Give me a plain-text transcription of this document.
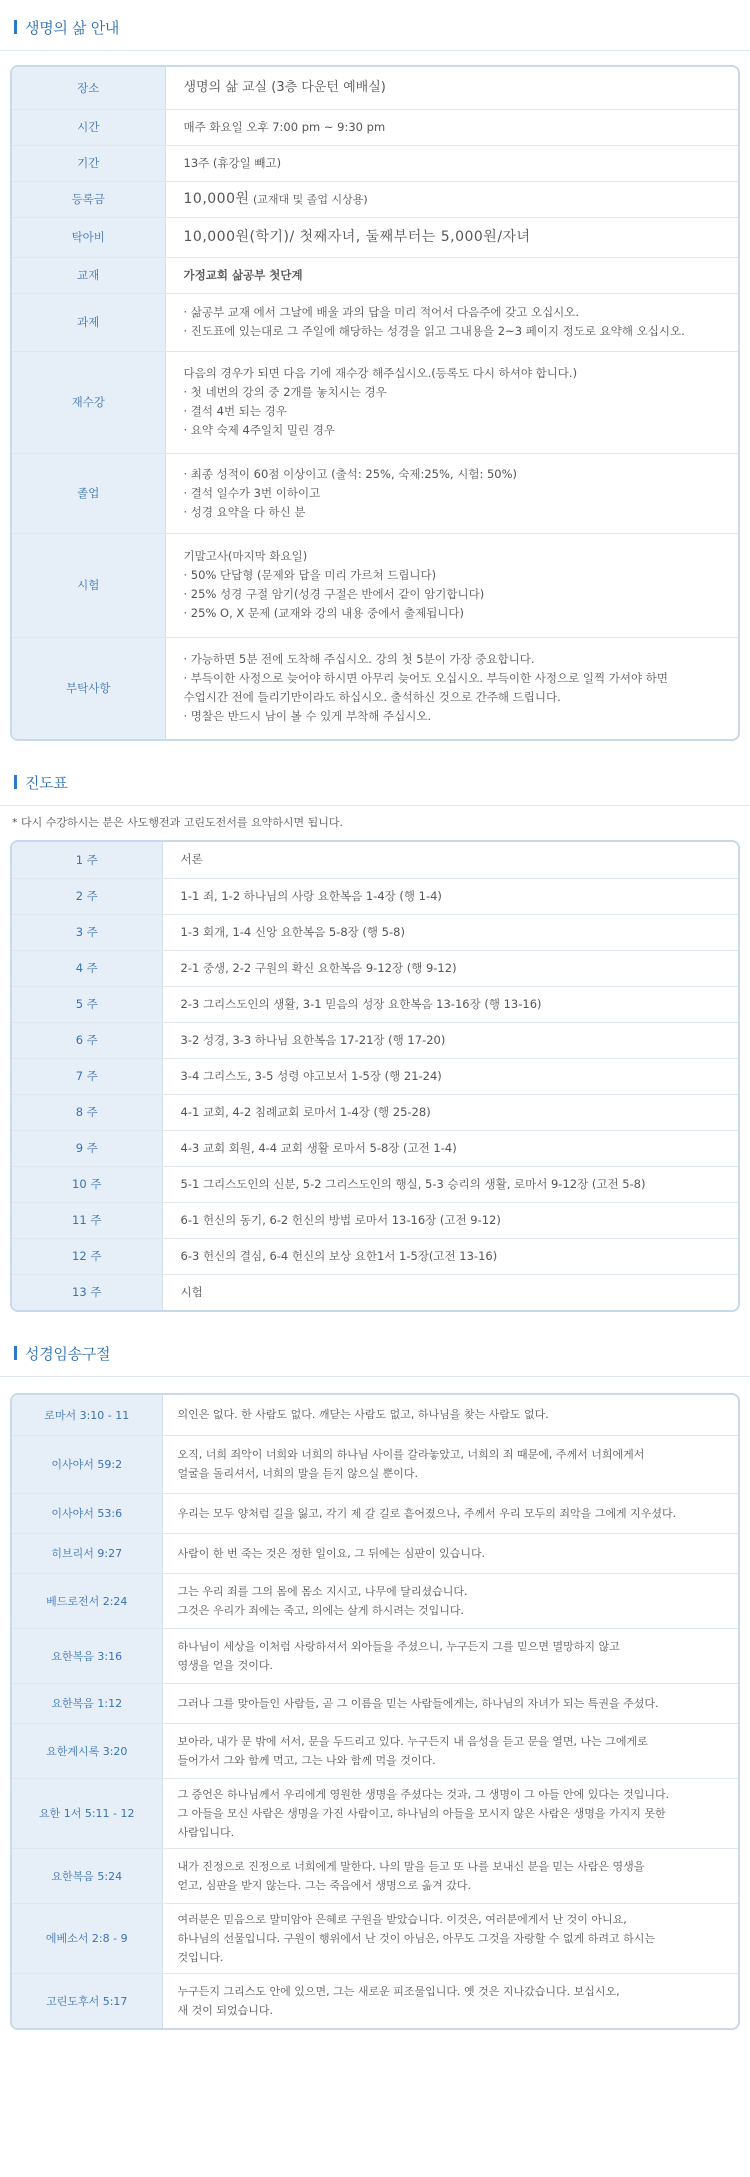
생명의 삶 안내
장소	생명의 삶 교실 (3층 다운턴 예배실)
시간	매주 화요일 오후 7:00 pm ~ 9:30 pm
기간	13주 (휴강일 빼고)
등록금	10,000원 (교재대 및 졸업 시상용)
탁아비	10,000원(학기)/ 첫째자녀, 둘째부터는 5,000원/자녀
교재	가정교회 삶공부 첫단계
과제	· 삶공부 교재 에서 그날에 배울 과의 답을 미리 적어서 다음주에 갖고 오십시오.
· 진도표에 있는대로 그 주일에 해당하는 성경을 읽고 그내용을 2~3 페이지 정도로 요약해 오십시오.

재수강	다음의 경우가 되면 다음 기에 재수강 해주십시오.(등록도 다시 하셔야 합니다.)
· 첫 네번의 강의 중 2개를 놓치시는 경우
· 결석 4번 되는 경우
· 요약 숙제 4주일치 밀린 경우

졸업	· 최종 성적이 60점 이상이고 (출석: 25%, 숙제:25%, 시험: 50%)
· 결석 일수가 3번 이하이고
· 성경 요약을 다 하신 분

시험	기말고사(마지막 화요일)
· 50% 단답형 (문제와 답을 미리 가르쳐 드립니다)
· 25% 성경 구절 암기(성경 구절은 반에서 같이 암기합니다)
· 25% O, X 문제 (교재와 강의 내용 중에서 출제됩니다)

부탁사항	· 가능하면 5분 전에 도착해 주십시오. 강의 첫 5분이 가장 중요합니다.
· 부득이한 사정으로 늦어야 하시면 아무리 늦어도 오십시오. 부득이한 사정으로 일찍 가셔야 하면
수업시간 전에 들리기만이라도 하십시오. 출석하신 것으로 간주해 드립니다.
· 명찰은 반드시 남이 볼 수 있게 부착해 주십시오.
진도표
* 다시 수강하시는 분은 사도행전과 고린도전서를 요약하시면 됩니다.
1 주	서론
2 주	1-1 죄, 1-2 하나님의 사랑 요한복음 1-4장 (행 1-4)
3 주	1-3 회개, 1-4 신앙 요한복음 5-8장 (행 5-8)
4 주	2-1 중생, 2-2 구원의 확신 요한복음 9-12장 (행 9-12)
5 주	2-3 그리스도인의 생활, 3-1 믿음의 성장 요한복음 13-16장 (행 13-16)
6 주	3-2 성경, 3-3 하나님 요한복음 17-21장 (행 17-20)
7 주	3-4 그리스도, 3-5 성령 야고보서 1-5장 (행 21-24)
8 주	4-1 교회, 4-2 침례교회 로마서 1-4장 (행 25-28)
9 주	4-3 교회 회원, 4-4 교회 생활 로마서 5-8장 (고전 1-4)
10 주	5-1 그리스도인의 신분, 5-2 그리스도인의 행실, 5-3 승리의 생활, 로마서 9-12장 (고전 5-8)
11 주	6-1 헌신의 동기, 6-2 헌신의 방법 로마서 13-16장 (고전 9-12)
12 주	6-3 헌신의 결심, 6-4 헌신의 보상 요한1서 1-5장(고전 13-16)
13 주	시험
성경임송구절
로마서 3:10 - 11	의인은 없다. 한 사람도 없다. 깨닫는 사람도 없고, 하나님을 찾는 사람도 없다.

이사야서 59:2	오직, 너희 죄악이 너희와 너희의 하나님 사이를 갈라놓았고, 너희의 죄 때문에, 주께서 너희에게서
얼굴을 돌리셔서, 너희의 말을 듣지 않으실 뿐이다.

이사야서 53:6	우리는 모두 양처럼 길을 잃고, 각기 제 갈 길로 흩어졌으나, 주께서 우리 모두의 죄악을 그에게 지우셨다.

히브리서 9:27	사람이 한 번 죽는 것은 정한 일이요, 그 뒤에는 심판이 있습니다.

베드로전서 2:24	그는 우리 죄를 그의 몸에 몸소 지시고, 나무에 달리셨습니다.
그것은 우리가 죄에는 죽고, 의에는 살게 하시려는 것입니다.

요한복음 3:16	하나님이 세상을 이처럼 사랑하셔서 외아들을 주셨으니, 누구든지 그를 믿으면 멸망하지 않고
영생을 얻을 것이다.

요한복음 1:12	그러나 그를 맞아들인 사람들, 곧 그 이름을 믿는 사람들에게는, 하나님의 자녀가 되는 특권을 주셨다.

요한계시록 3:20	보아라, 내가 문 밖에 서서, 문을 두드리고 있다. 누구든지 내 음성을 듣고 문을 열면, 나는 그에게로
들어가서 그와 함께 먹고, 그는 나와 함께 먹을 것이다.

요한 1서 5:11 - 12	그 증언은 하나님께서 우리에게 영원한 생명을 주셨다는 것과, 그 생명이 그 아들 안에 있다는 것입니다.
그 아들을 모신 사람은 생명을 가진 사람이고, 하나님의 아들을 모시지 않은 사람은 생명을 가지지 못한
사람입니다.

요한복음 5:24	내가 진정으로 진정으로 너희에게 말한다. 나의 말을 듣고 또 나를 보내신 분을 믿는 사람은 영생을
얻고, 심판을 받지 않는다. 그는 죽음에서 생명으로 옮겨 갔다.

에베소서 2:8 - 9	여러분은 믿음으로 말미암아 은혜로 구원을 받았습니다. 이것은, 여러분에게서 난 것이 아니요,
하나님의 선물입니다. 구원이 행위에서 난 것이 아님은, 아무도 그것을 자랑할 수 없게 하려고 하시는
것입니다.

고린도후서 5:17	누구든지 그리스도 안에 있으면, 그는 새로운 피조물입니다. 옛 것은 지나갔습니다. 보십시오,
새 것이 되었습니다.
